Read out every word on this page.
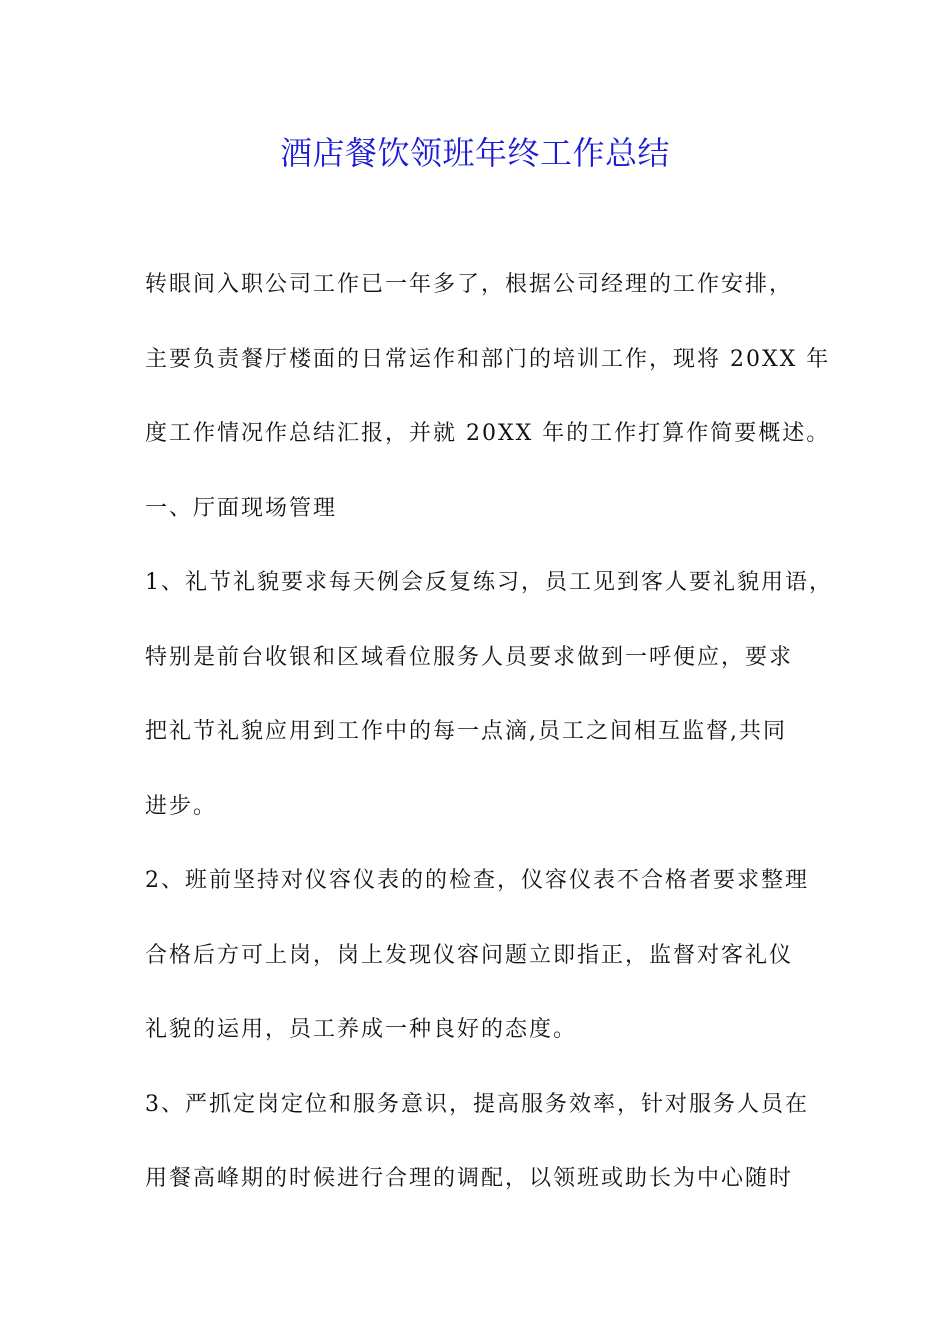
酒店餐饮领班年终工作总结

转眼间入职公司工作已一年多了，根据公司经理的工作安排，

主要负责餐厅楼面的日常运作和部门的培训工作，现将 20XX 年

度工作情况作总结汇报，并就 20XX 年的工作打算作简要概述。

一、厅面现场管理

1、礼节礼貌要求每天例会反复练习，员工见到客人要礼貌用语，

特别是前台收银和区域看位服务人员要求做到一呼便应，要求

把礼节礼貌应用到工作中的每一点滴,员工之间相互监督,共同

进步。

2、班前坚持对仪容仪表的的检查，仪容仪表不合格者要求整理

合格后方可上岗，岗上发现仪容问题立即指正，监督对客礼仪

礼貌的运用，员工养成一种良好的态度。

3、严抓定岗定位和服务意识，提高服务效率，针对服务人员在

用餐高峰期的时候进行合理的调配，以领班或助长为中心随时
